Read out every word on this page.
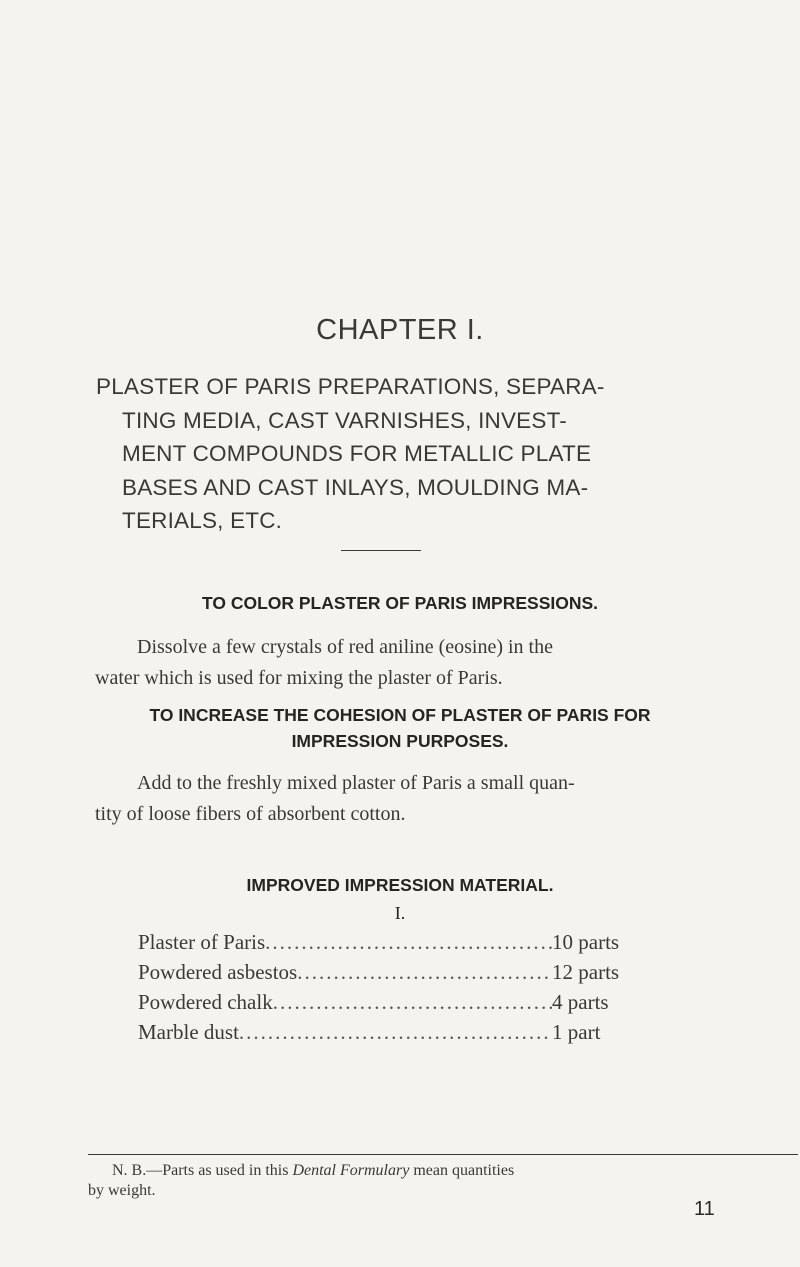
CHAPTER I.
PLASTER OF PARIS PREPARATIONS, SEPARA-
TING MEDIA, CAST VARNISHES, INVEST-
MENT COMPOUNDS FOR METALLIC PLATE
BASES AND CAST INLAYS, MOULDING MA-
TERIALS, ETC.
TO COLOR PLASTER OF PARIS IMPRESSIONS.
Dissolve a few crystals of red aniline (eosine) in the
water which is used for mixing the plaster of Paris.
TO INCREASE THE COHESION OF PLASTER OF PARIS FOR
IMPRESSION PURPOSES.
Add to the freshly mixed plaster of Paris a small quan-
tity of loose fibers of absorbent cotton.
IMPROVED IMPRESSION MATERIAL.
I.
Plaster of Paris .....	10 parts
Powdered asbestos .....	12 parts
Powdered chalk .....	4 parts
Marble dust .....	1 part
N. B.—Parts as used in this Dental Formulary mean quantities
by weight.
11
